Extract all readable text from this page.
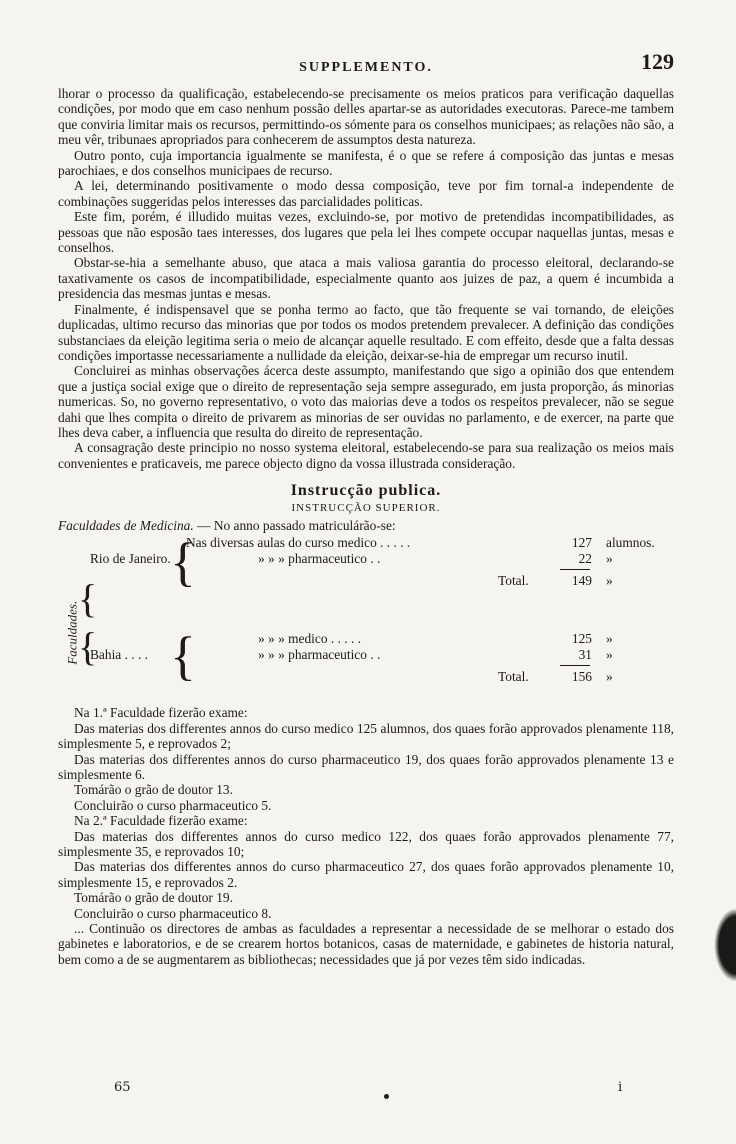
SUPPLEMENTO.	129

lhorar o processo da qualificação, estabelecendo-se precisamente os meios praticos para verificação daquellas condições, por modo que em caso nenhum possão delles apartar-se as autoridades executoras. Parece-me tambem que conviria limitar mais os recursos, permittindo-os sómente para os conselhos municipaes; as relações não são, a meu vêr, tribunaes apropriados para conhecerem de assumptos desta natureza.

Outro ponto, cuja importancia igualmente se manifesta, é o que se refere á composição das juntas e mesas parochiaes, e dos conselhos municipaes de recurso.

A lei, determinando positivamente o modo dessa composição, teve por fim tornal-a independente de combinações suggeridas pelos interesses das parcialidades politicas.

Este fim, porém, é illudido muitas vezes, excluindo-se, por motivo de pretendidas incompatibilidades, as pessoas que não esposão taes interesses, dos lugares que pela lei lhes compete occupar naquellas juntas, mesas e conselhos.

Obstar-se-hia a semelhante abuso, que ataca a mais valiosa garantia do processo eleitoral, declarando-se taxativamente os casos de incompatibilidade, especialmente quanto aos juizes de paz, a quem é incumbida a presidencia das mesmas juntas e mesas.

Finalmente, é indispensavel que se ponha termo ao facto, que tão frequente se vai tornando, de eleições duplicadas, ultimo recurso das minorias que por todos os modos pretendem prevalecer. A definição das condições substanciaes da eleição legitima seria o meio de alcançar aquelle resultado. E com effeito, desde que a falta dessas condições importasse necessariamente a nullidade da eleição, deixar-se-hia de empregar um recurso inutil.

Concluirei as minhas observações ácerca deste assumpto, manifestando que sigo a opinião dos que entendem que a justiça social exige que o direito de representação seja sempre assegurado, em justa proporção, ás minorias numericas. So, no governo representativo, o voto das maiorias deve a todos os respeitos prevalecer, não se segue dahi que lhes compita o direito de privarem as minorias de ser ouvidas no parlamento, e de exercer, na parte que lhes deva caber, a influencia que resulta do direito de representação.

A consagração deste principio no nosso systema eleitoral, estabelecendo-se para sua realização os meios mais convenientes e praticaveis, me parece objecto digno da vossa illustrada consideração.

Instrucção publica.
INSTRUCÇÃO SUPERIOR.
Faculdades de Medicina. — No anno passado matriculárão-se:
Faculdades.
{
{
{
{
Nas diversas aulas do curso medico . . . . .	127 alumnos.
Rio de Janeiro.	» » » pharmaceutico . .	22 »
Total.	149 »
» » » medico . . . . .	125 »
Bahia . . . .	» » » pharmaceutico . .	31 »
Total.	156 »

Na 1.ª Faculdade fizerão exame:

Das materias dos differentes annos do curso medico 125 alumnos, dos quaes forão approvados plenamente 118, simplesmente 5, e reprovados 2;

Das materias dos differentes annos do curso pharmaceutico 19, dos quaes forão approvados plenamente 13 e simplesmente 6.

Tomárão o grão de doutor 13.

Concluirão o curso pharmaceutico 5.

Na 2.ª Faculdade fizerão exame:

Das materias dos differentes annos do curso medico 122, dos quaes forão approvados plenamente 77, simplesmente 35, e reprovados 10;

Das materias dos differentes annos do curso pharmaceutico 27, dos quaes forão approvados plenamente 10, simplesmente 15, e reprovados 2.

Tomárão o grão de doutor 19.

Concluirão o curso pharmaceutico 8.

... Continuão os directores de ambas as faculdades a representar a necessidade de se melhorar o estado dos gabinetes e laboratorios, e de se crearem hortos botanicos, casas de maternidade, e gabinetes de historia natural, bem como a de se augmentarem as bibliothecas; necessidades que já por vezes têm sido indicadas.

65	i
